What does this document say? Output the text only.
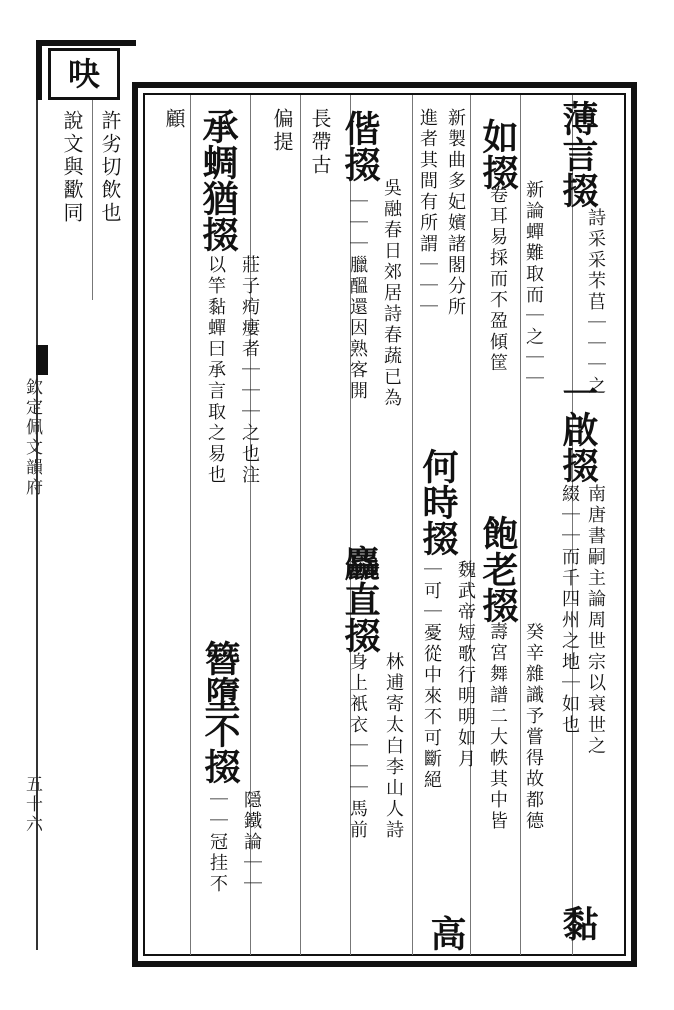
吷
許劣切飲也
說文與歠同	薄言掇
詩采采芣苢｜｜｜之
一啟掇
南唐書嗣主論周世宗以衰世之
綴｜｜而千四州之地｜如也
黏
如掇
新論蟬難取而｜之｜｜
卷耳易採而不盈傾筐
飽老掇
癸辛雜識予嘗得故都德
壽宮舞譜二大帙其中皆
新製曲多妃嬪諸閣分所
進者其間有所謂｜｜｜
何時掇
魏武帝短歌行明明如月
｜可｜憂從中來不可斷絕
高
偕掇
吳融春日郊居詩春蔬已為
｜｜｜臘醞還因熟客開
麤直掇
林逋寄太白李山人詩
身上衹衣｜｜｜馬前
長帶古
偏提
承蜩猶掇
莊子痀瘻者｜｜｜之也注
以竿黏蟬曰承言取之易也
簪墮不掇
隱鐵論｜｜
｜｜冠挂不
顧
欽定佩文韻府
五十六
